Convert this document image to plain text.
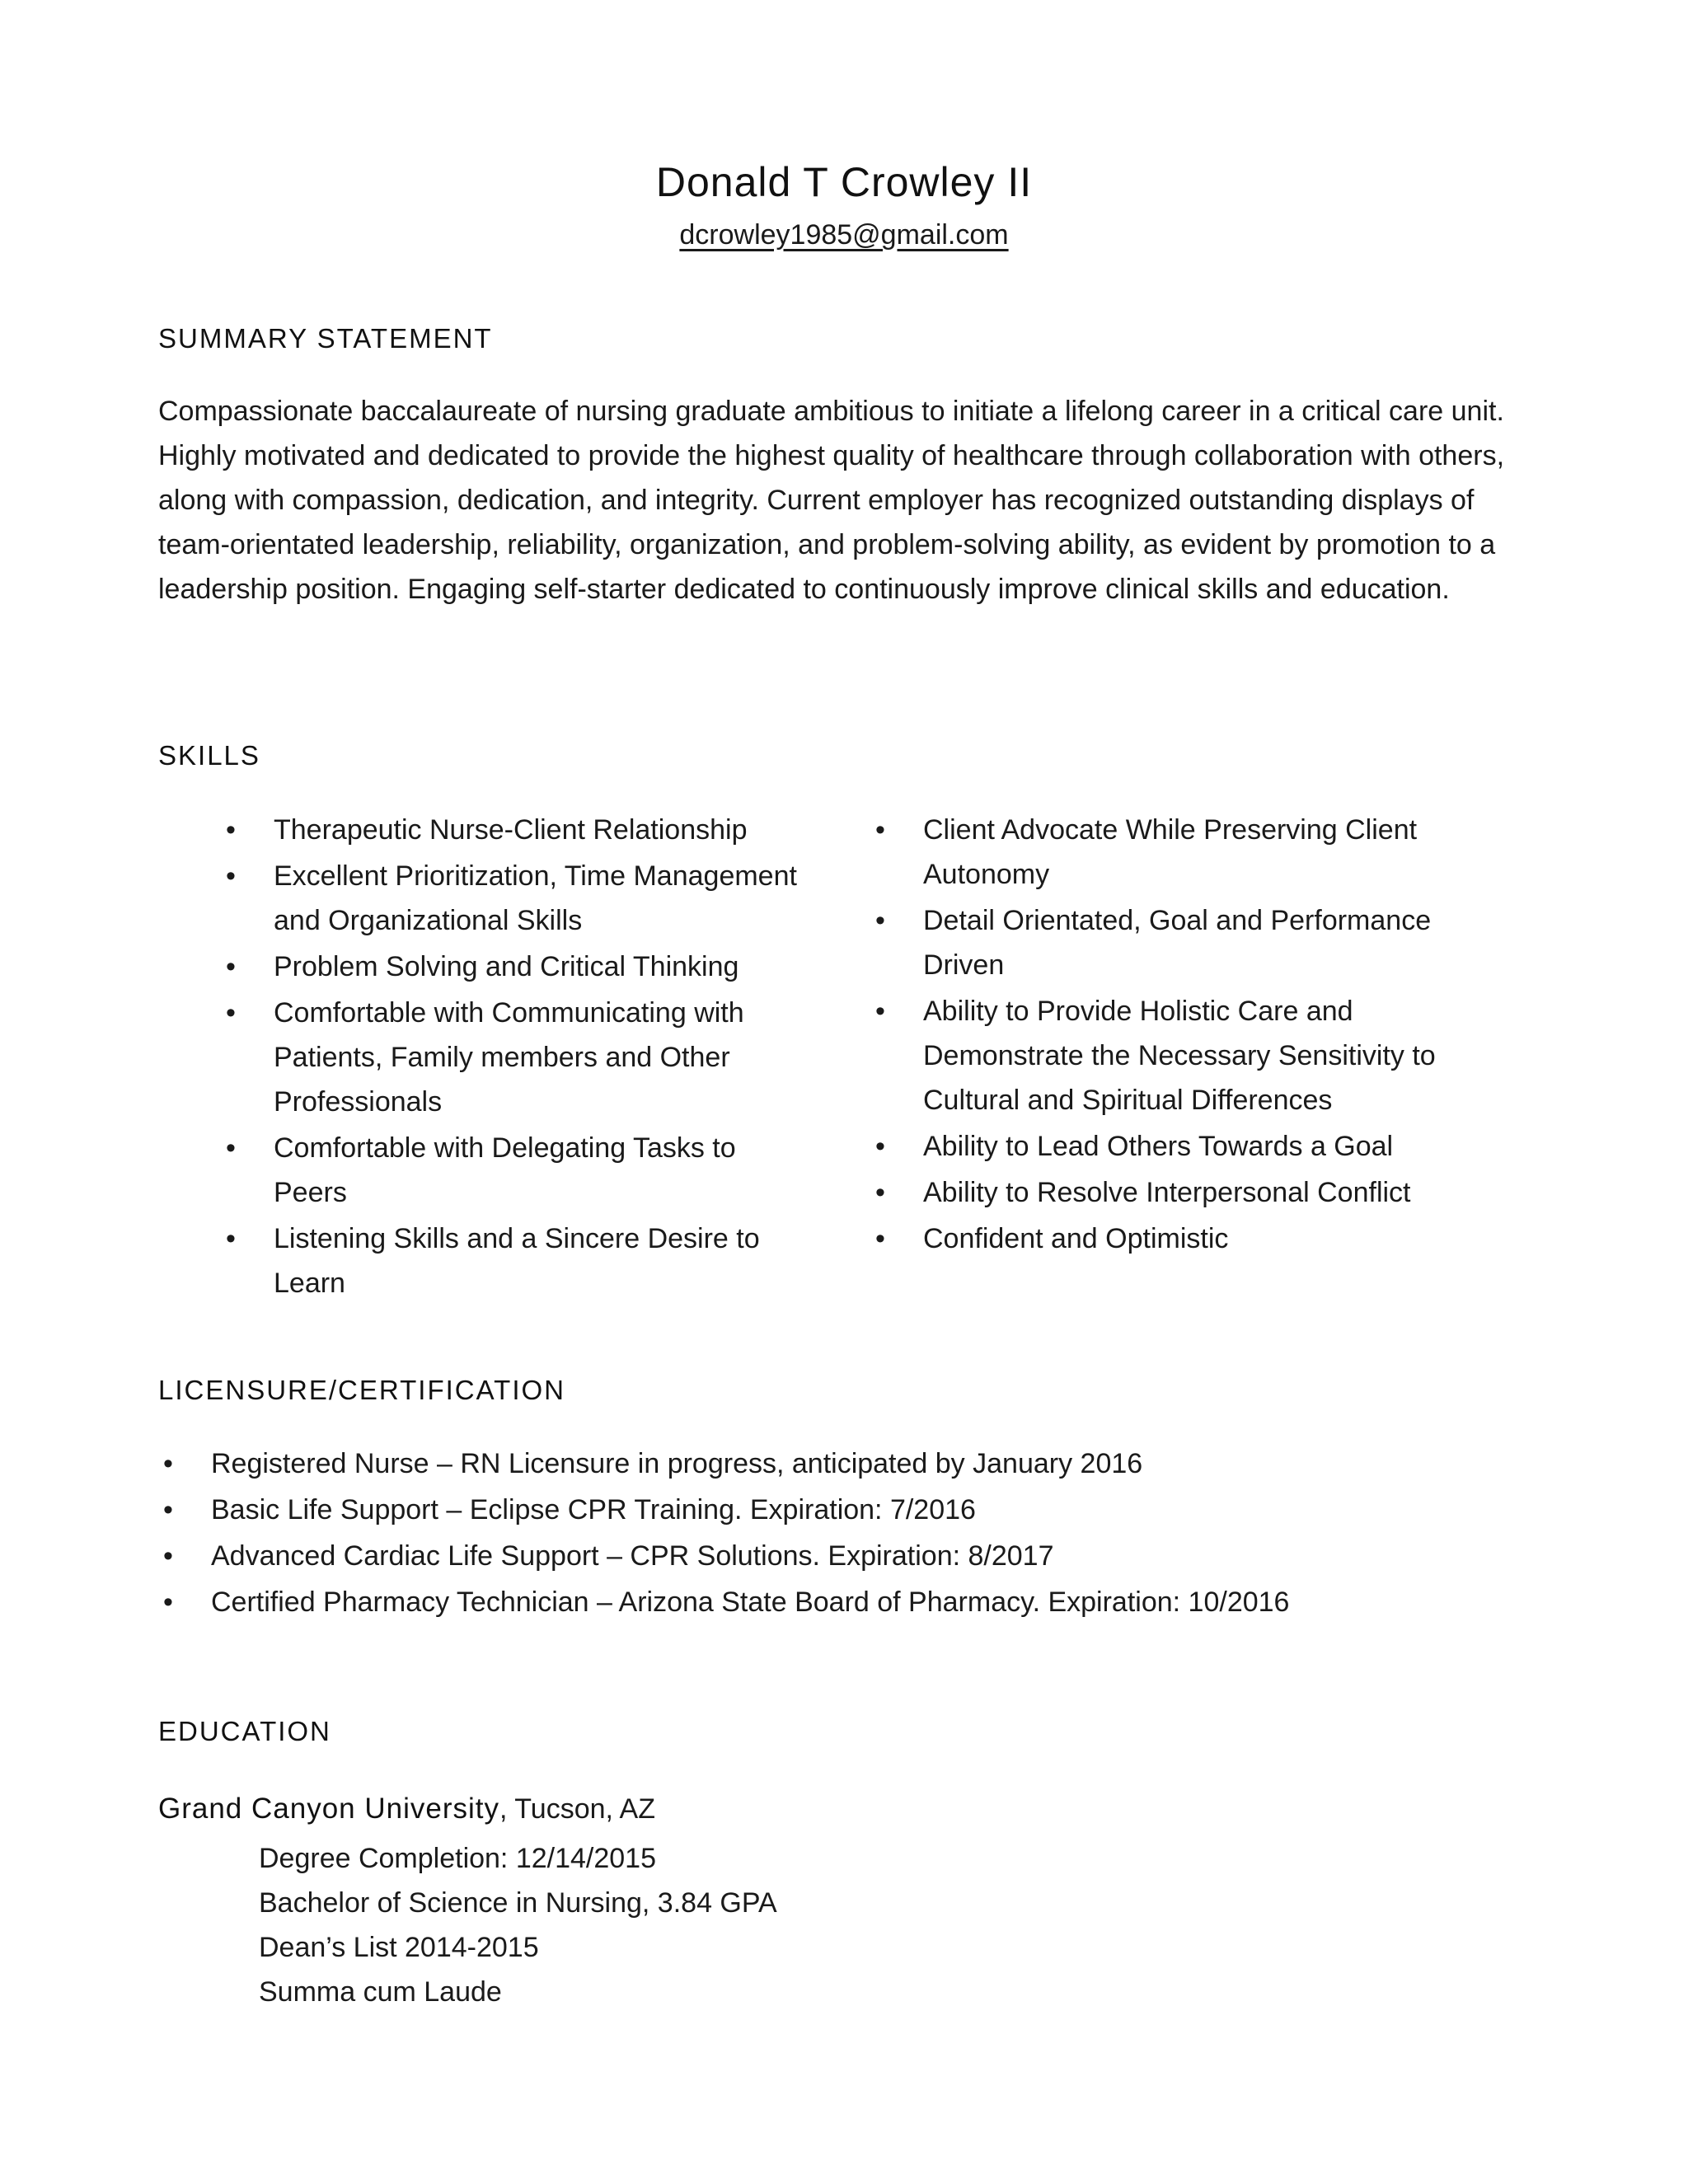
Donald T Crowley II
dcrowley1985@gmail.com
SUMMARY STATEMENT
Compassionate baccalaureate of nursing graduate ambitious to initiate a lifelong career in a critical care unit. Highly motivated and dedicated to provide the highest quality of healthcare through collaboration with others, along with compassion, dedication, and integrity. Current employer has recognized outstanding displays of team-orientated leadership, reliability, organization, and problem-solving ability, as evident by promotion to a leadership position. Engaging self-starter dedicated to continuously improve clinical skills and education.
SKILLS
• Therapeutic Nurse-Client Relationship
• Excellent Prioritization, Time Management and Organizational Skills
• Problem Solving and Critical Thinking
• Comfortable with Communicating with Patients, Family members and Other Professionals
• Comfortable with Delegating Tasks to Peers
• Listening Skills and a Sincere Desire to Learn
• Client Advocate While Preserving Client Autonomy
• Detail Orientated, Goal and Performance Driven
• Ability to Provide Holistic Care and Demonstrate the Necessary Sensitivity to Cultural and Spiritual Differences
• Ability to Lead Others Towards a Goal
• Ability to Resolve Interpersonal Conflict
• Confident and Optimistic
LICENSURE/CERTIFICATION
• Registered Nurse – RN Licensure in progress, anticipated by January 2016
• Basic Life Support – Eclipse CPR Training. Expiration: 7/2016
• Advanced Cardiac Life Support – CPR Solutions. Expiration: 8/2017
• Certified Pharmacy Technician – Arizona State Board of Pharmacy. Expiration: 10/2016
EDUCATION
Grand Canyon University, Tucson, AZ
Degree Completion: 12/14/2015
Bachelor of Science in Nursing, 3.84 GPA
Dean’s List 2014-2015
Summa cum Laude
